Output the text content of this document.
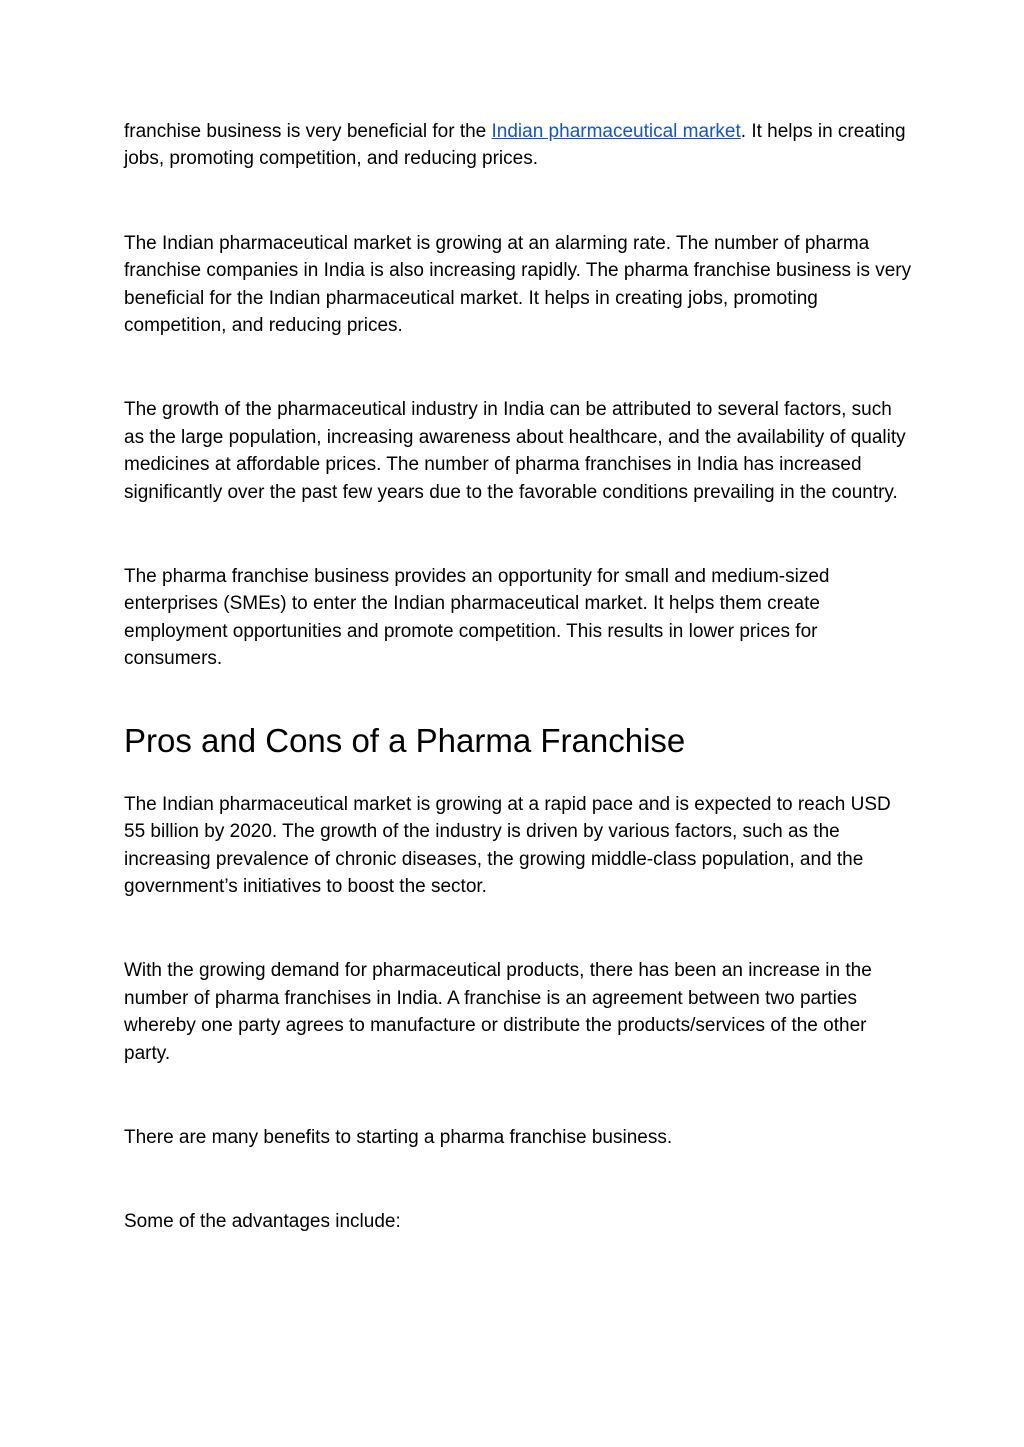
franchise business is very beneficial for the Indian pharmaceutical market. It helps in creating jobs, promoting competition, and reducing prices.

The Indian pharmaceutical market is growing at an alarming rate. The number of pharma franchise companies in India is also increasing rapidly. The pharma franchise business is very beneficial for the Indian pharmaceutical market. It helps in creating jobs, promoting competition, and reducing prices.

The growth of the pharmaceutical industry in India can be attributed to several factors, such as the large population, increasing awareness about healthcare, and the availability of quality medicines at affordable prices. The number of pharma franchises in India has increased significantly over the past few years due to the favorable conditions prevailing in the country.

The pharma franchise business provides an opportunity for small and medium-sized enterprises (SMEs) to enter the Indian pharmaceutical market. It helps them create employment opportunities and promote competition. This results in lower prices for consumers.

Pros and Cons of a Pharma Franchise

The Indian pharmaceutical market is growing at a rapid pace and is expected to reach USD 55 billion by 2020. The growth of the industry is driven by various factors, such as the increasing prevalence of chronic diseases, the growing middle-class population, and the government’s initiatives to boost the sector.

With the growing demand for pharmaceutical products, there has been an increase in the number of pharma franchises in India. A franchise is an agreement between two parties whereby one party agrees to manufacture or distribute the products/services of the other party.

There are many benefits to starting a pharma franchise business.

Some of the advantages include:
